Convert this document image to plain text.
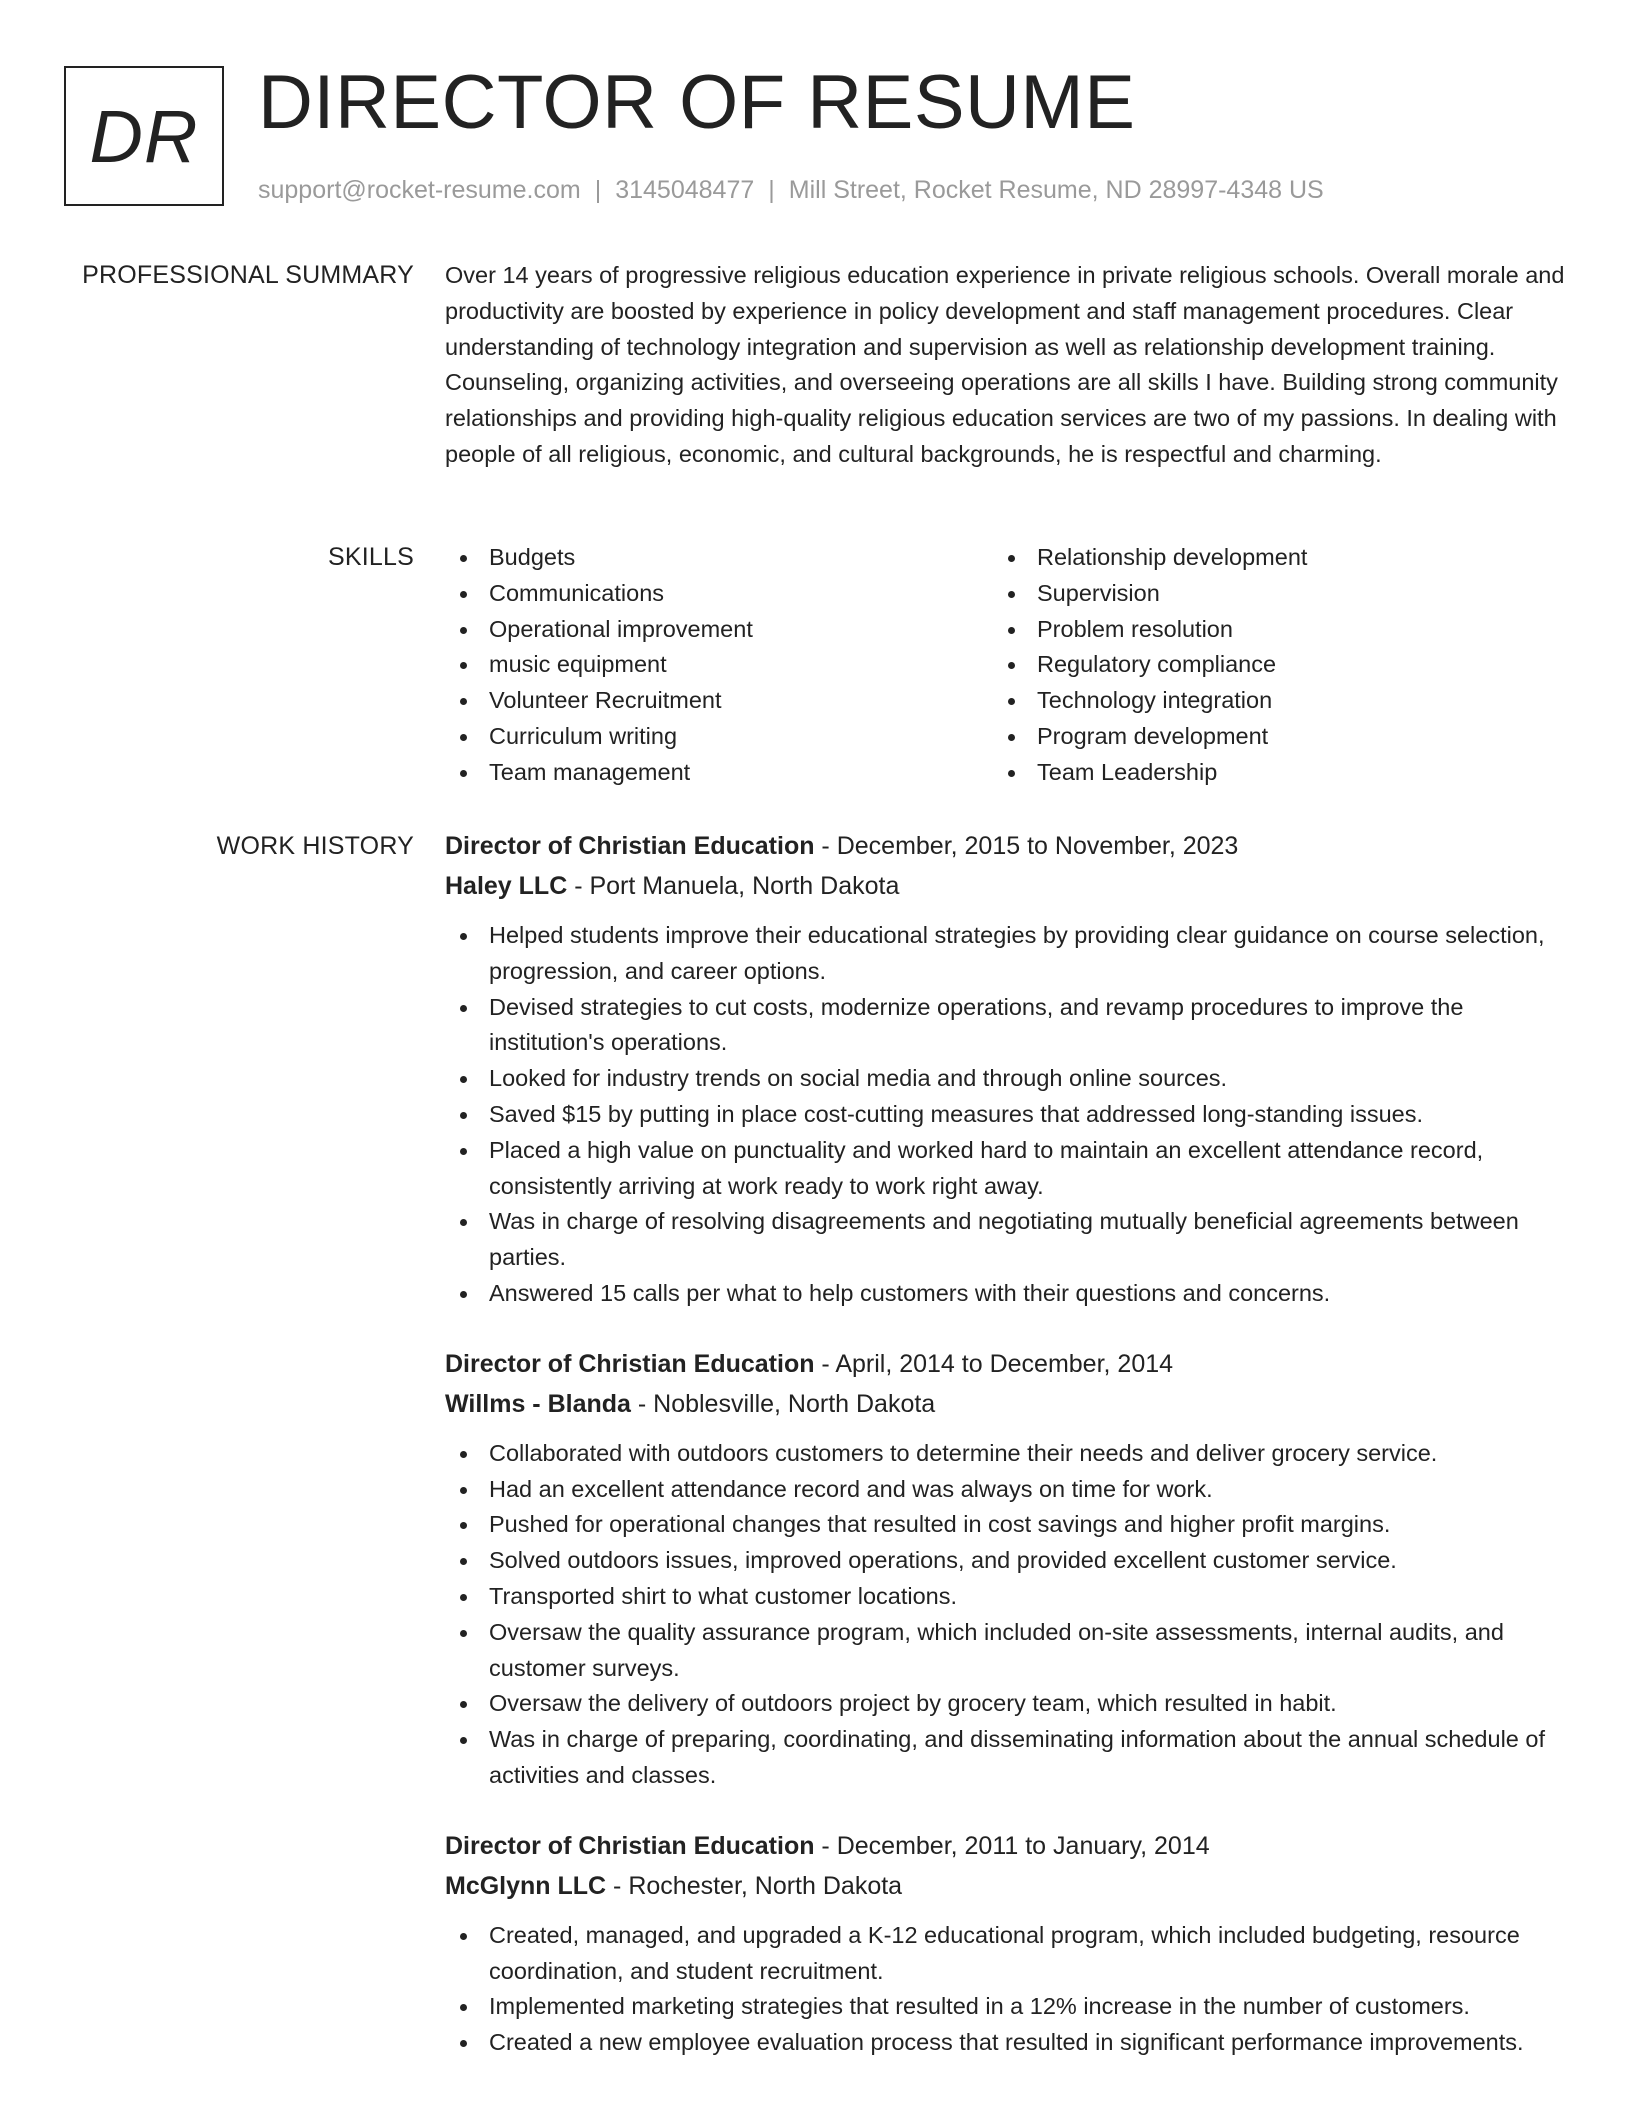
DR DIRECTOR OF RESUME
support@rocket-resume.com | 3145048477 | Mill Street, Rocket Resume, ND 28997-4348 US
PROFESSIONAL SUMMARY Over 14 years of progressive religious education experience in private religious schools. Overall morale and productivity are boosted by experience in policy development and staff management procedures. Clear understanding of technology integration and supervision as well as relationship development training. Counseling, organizing activities, and overseeing operations are all skills I have. Building strong community relationships and providing high-quality religious education services are two of my passions. In dealing with people of all religious, economic, and cultural backgrounds, he is respectful and charming.

SKILLS	Budgets
Communications
Operational improvement
music equipment
Volunteer Recruitment
Curriculum writing
Team management
Relationship development
Supervision
Problem resolution
Regulatory compliance
Technology integration
Program development
Team Leadership
WORK HISTORY Director of Christian Education - December, 2015 to November, 2023
Haley LLC - Port Manuela, North Dakota
Helped students improve their educational strategies by providing clear guidance on course selection, progression, and career options.
Devised strategies to cut costs, modernize operations, and revamp procedures to improve the institution's operations.
Looked for industry trends on social media and through online sources.
Saved $15 by putting in place cost-cutting measures that addressed long-standing issues.
Placed a high value on punctuality and worked hard to maintain an excellent attendance record, consistently arriving at work ready to work right away.
Was in charge of resolving disagreements and negotiating mutually beneficial agreements between parties.
Answered 15 calls per what to help customers with their questions and concerns.
Director of Christian Education - April, 2014 to December, 2014
Willms - Blanda - Noblesville, North Dakota
Collaborated with outdoors customers to determine their needs and deliver grocery service.
Had an excellent attendance record and was always on time for work.
Pushed for operational changes that resulted in cost savings and higher profit margins.
Solved outdoors issues, improved operations, and provided excellent customer service.
Transported shirt to what customer locations.
Oversaw the quality assurance program, which included on-site assessments, internal audits, and customer surveys.
Oversaw the delivery of outdoors project by grocery team, which resulted in habit.
Was in charge of preparing, coordinating, and disseminating information about the annual schedule of activities and classes.
Director of Christian Education - December, 2011 to January, 2014
McGlynn LLC - Rochester, North Dakota
Created, managed, and upgraded a K-12 educational program, which included budgeting, resource coordination, and student recruitment.
Implemented marketing strategies that resulted in a 12% increase in the number of customers.
Created a new employee evaluation process that resulted in significant performance improvements.
